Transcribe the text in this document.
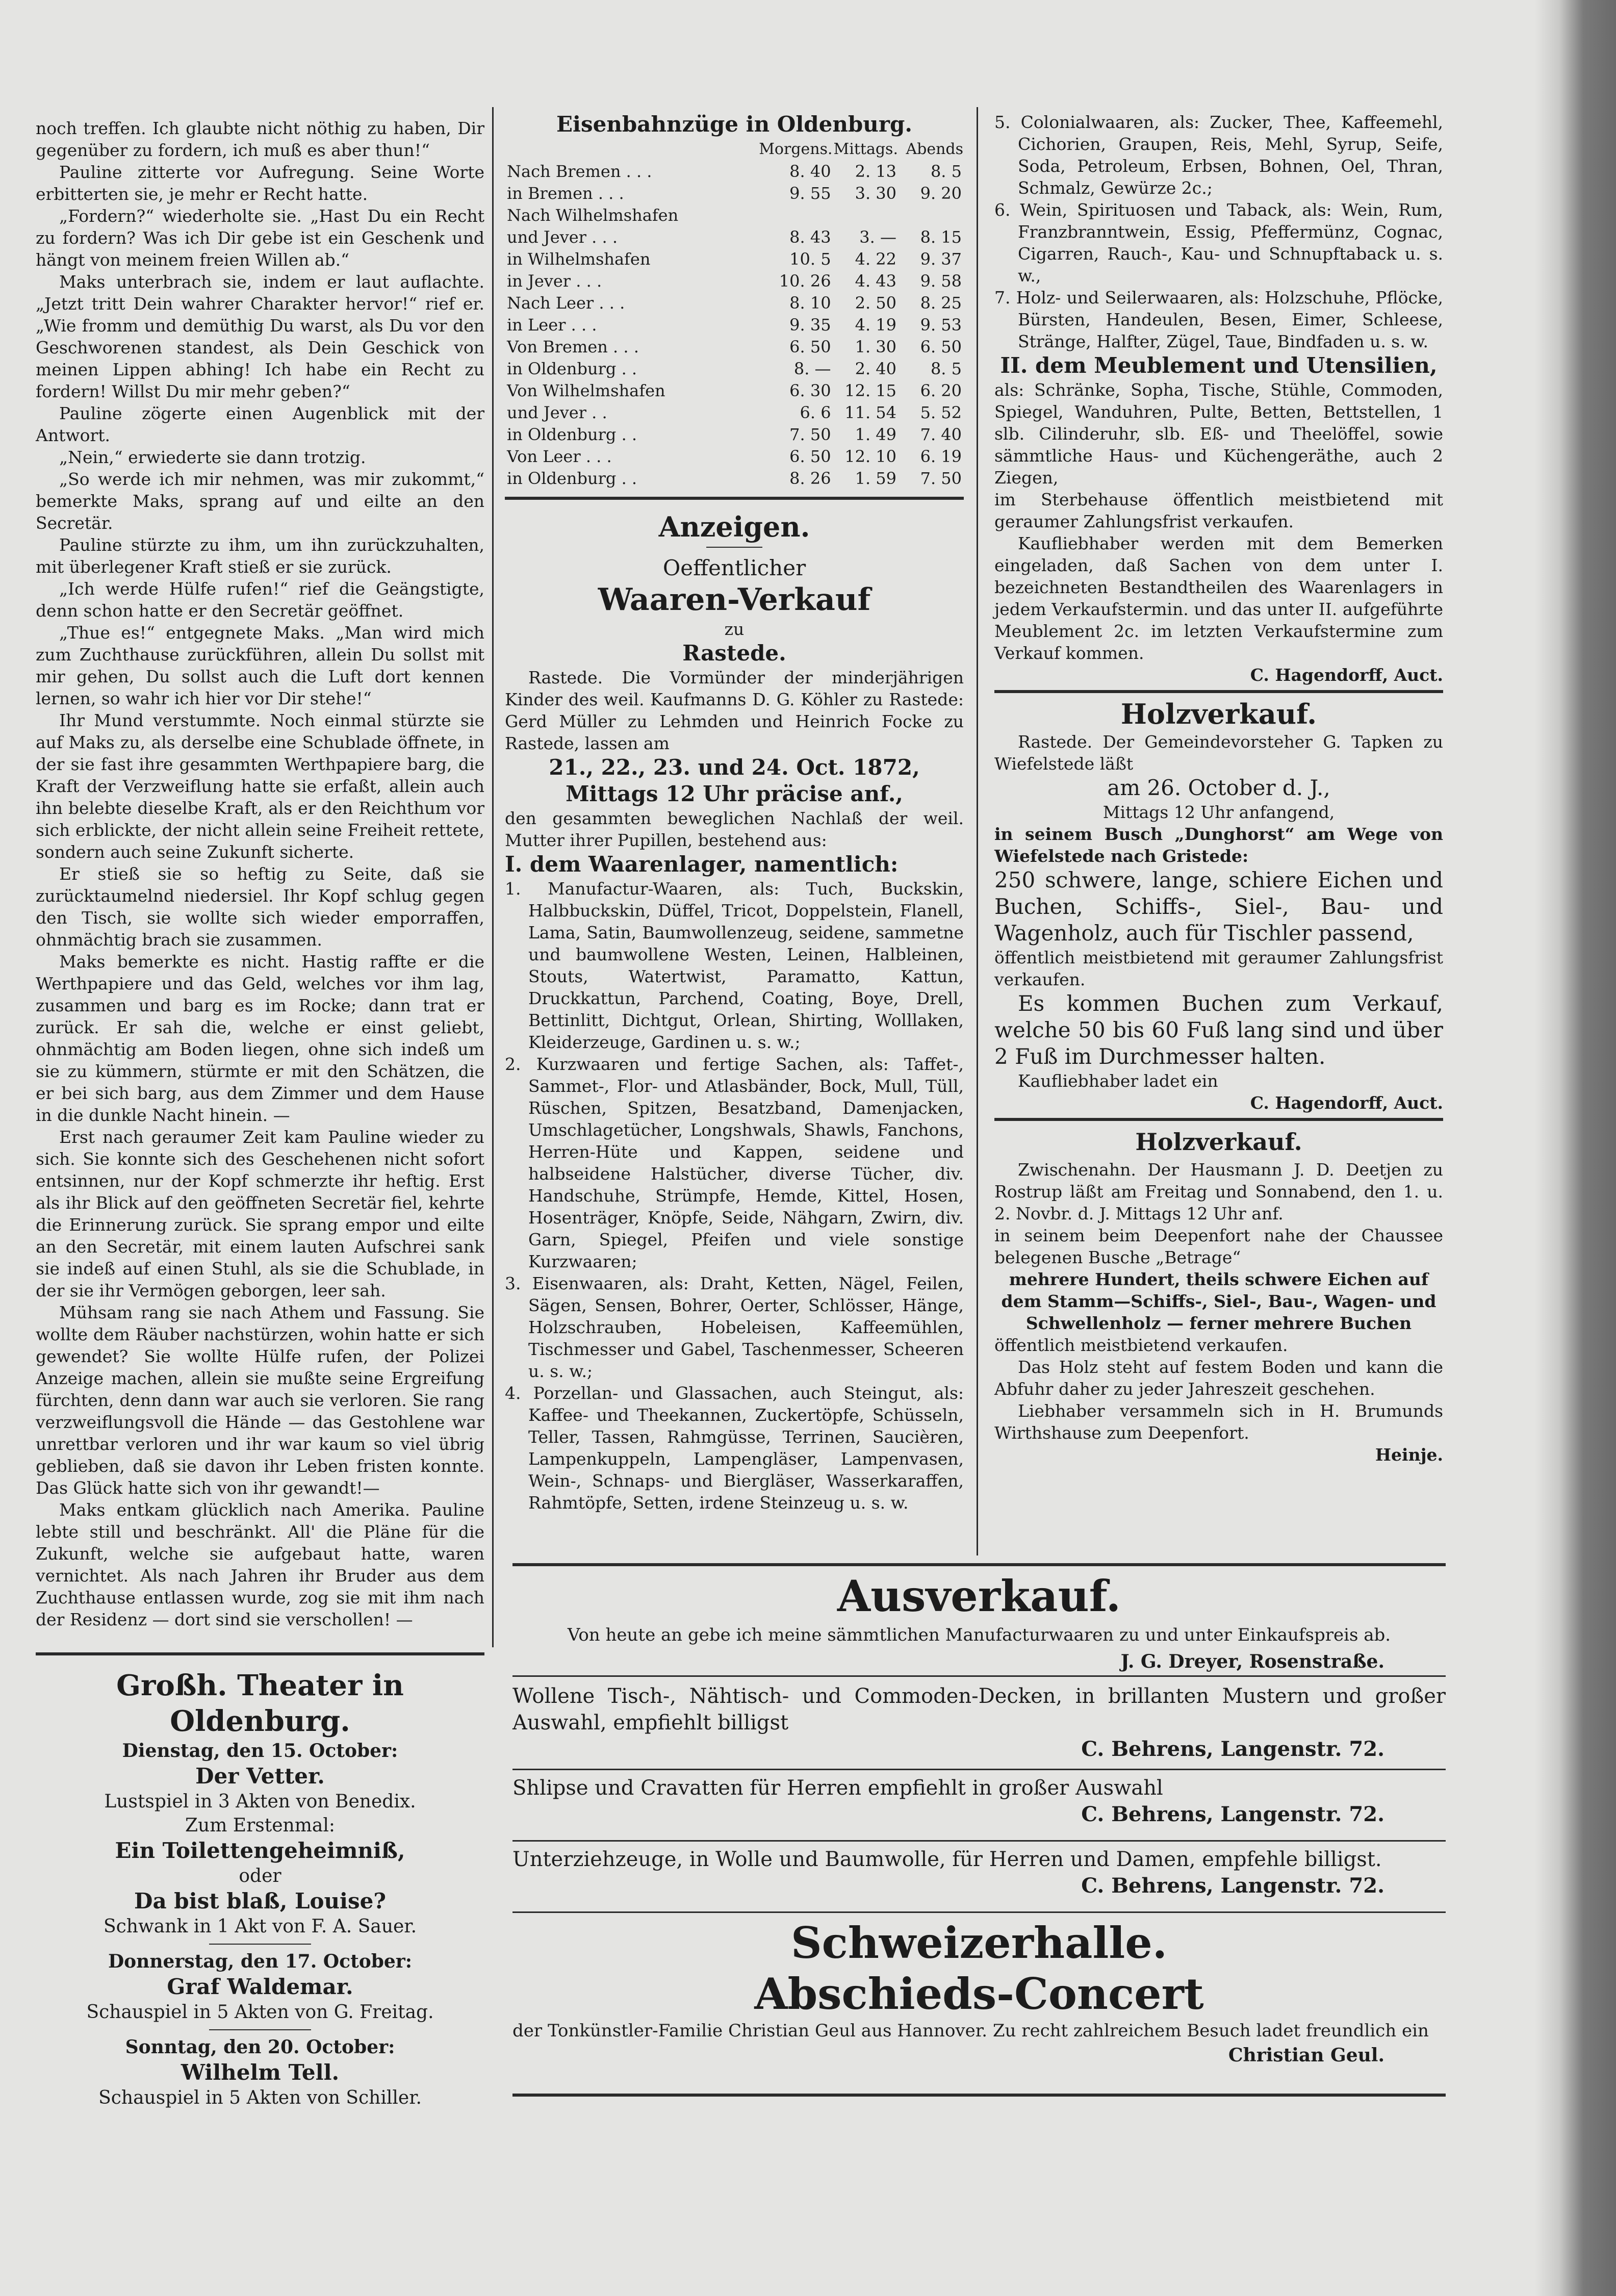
noch treffen. Ich glaubte nicht nöthig zu haben, Dir gegenüber zu fordern, ich muß es aber thun!“

Pauline zitterte vor Aufregung. Seine Worte erbitterten sie, je mehr er Recht hatte.

„Fordern?“ wiederholte sie. „Hast Du ein Recht zu fordern? Was ich Dir gebe ist ein Geschenk und hängt von meinem freien Willen ab.“

Maks unterbrach sie, indem er laut auflachte. „Jetzt tritt Dein wahrer Charakter hervor!“ rief er. „Wie fromm und demüthig Du warst, als Du vor den Geschworenen standest, als Dein Geschick von meinen Lippen abhing! Ich habe ein Recht zu fordern! Willst Du mir mehr geben?“

Pauline zögerte einen Augenblick mit der Antwort.

„Nein,“ erwiederte sie dann trotzig.

„So werde ich mir nehmen, was mir zukommt,“ bemerkte Maks, sprang auf und eilte an den Secretär.

Pauline stürzte zu ihm, um ihn zurückzuhalten, mit überlegener Kraft stieß er sie zurück.

„Ich werde Hülfe rufen!“ rief die Geängstigte, denn schon hatte er den Secretär geöffnet.

„Thue es!“ entgegnete Maks. „Man wird mich zum Zuchthause zurückführen, allein Du sollst mit mir gehen, Du sollst auch die Luft dort kennen lernen, so wahr ich hier vor Dir stehe!“

Ihr Mund verstummte. Noch einmal stürzte sie auf Maks zu, als derselbe eine Schublade öffnete, in der sie fast ihre gesammten Werthpapiere barg, die Kraft der Verzweiflung hatte sie erfaßt, allein auch ihn belebte dieselbe Kraft, als er den Reichthum vor sich erblickte, der nicht allein seine Freiheit rettete, sondern auch seine Zukunft sicherte.

Er stieß sie so heftig zu Seite, daß sie zurücktaumelnd niedersiel. Ihr Kopf schlug gegen den Tisch, sie wollte sich wieder emporraffen, ohnmächtig brach sie zusammen.

Maks bemerkte es nicht. Hastig raffte er die Werthpapiere und das Geld, welches vor ihm lag, zusammen und barg es im Rocke; dann trat er zurück. Er sah die, welche er einst geliebt, ohnmächtig am Boden liegen, ohne sich indeß um sie zu kümmern, stürmte er mit den Schätzen, die er bei sich barg, aus dem Zimmer und dem Hause in die dunkle Nacht hinein. —

Erst nach geraumer Zeit kam Pauline wieder zu sich. Sie konnte sich des Geschehenen nicht sofort entsinnen, nur der Kopf schmerzte ihr heftig. Erst als ihr Blick auf den geöffneten Secretär fiel, kehrte die Erinnerung zurück. Sie sprang empor und eilte an den Secretär, mit einem lauten Aufschrei sank sie indeß auf einen Stuhl, als sie die Schublade, in der sie ihr Vermögen geborgen, leer sah.

Mühsam rang sie nach Athem und Fassung. Sie wollte dem Räuber nachstürzen, wohin hatte er sich gewendet? Sie wollte Hülfe rufen, der Polizei Anzeige machen, allein sie mußte seine Ergreifung fürchten, denn dann war auch sie verloren. Sie rang verzweiflungsvoll die Hände — das Gestohlene war unrettbar verloren und ihr war kaum so viel übrig geblieben, daß sie davon ihr Leben fristen konnte. Das Glück hatte sich von ihr gewandt!—

Maks entkam glücklich nach Amerika. Pauline lebte still und beschränkt. All' die Pläne für die Zukunft, welche sie aufgebaut hatte, waren vernichtet. Als nach Jahren ihr Bruder aus dem Zuchthause entlassen wurde, zog sie mit ihm nach der Residenz — dort sind sie verschollen! —

Großh. Theater in Oldenburg.

Dienstag, den 15. October:

Der Vetter.

Lustspiel in 3 Akten von Benedix.

Zum Erstenmal:

Ein Toilettengeheimniß,

oder

Da bist blaß, Louise?

Schwank in 1 Akt von F. A. Sauer.

Donnerstag, den 17. October:

Graf Waldemar.

Schauspiel in 5 Akten von G. Freitag.

Sonntag, den 20. October:

Wilhelm Tell.

Schauspiel in 5 Akten von Schiller.

Eisenbahnzüge in Oldenburg.

	Morgens.	Mittags.	Abends
Nach Bremen . . .	8. 40	2. 13	8. 5
in Bremen . . .	9. 55	3. 30	9. 20
Nach Wilhelmshafen			
und Jever . . .	8. 43	3. —	8. 15
in Wilhelmshafen	10. 5	4. 22	9. 37
in Jever . . .	10. 26	4. 43	9. 58
Nach Leer . . .	8. 10	2. 50	8. 25
in Leer . . .	9. 35	4. 19	9. 53
Von Bremen . . .	6. 50	1. 30	6. 50
in Oldenburg . .	8. —	2. 40	8. 5
Von Wilhelmshafen	6. 30	12. 15	6. 20
und Jever . .	6. 6	11. 54	5. 52
in Oldenburg . .	7. 50	1. 49	7. 40
Von Leer . . .	6. 50	12. 10	6. 19
in Oldenburg . .	8. 26	1. 59	7. 50

Anzeigen.

Oeffentlicher

Waaren-Verkauf

zu

Rastede.

Rastede. Die Vormünder der minderjährigen Kinder des weil. Kaufmanns D. G. Köhler zu Rastede: Gerd Müller zu Lehmden und Heinrich Focke zu Rastede, lassen am

21., 22., 23. und 24. Oct. 1872,

Mittags 12 Uhr präcise anf.,

den gesammten beweglichen Nachlaß der weil. Mutter ihrer Pupillen, bestehend aus:

I. dem Waarenlager, namentlich:

1. Manufactur-Waaren, als: Tuch, Buckskin, Halbbuckskin, Düffel, Tricot, Doppelstein, Flanell, Lama, Satin, Baumwollenzeug, seidene, sammetne und baumwollene Westen, Leinen, Halbleinen, Stouts, Watertwist, Paramatto, Kattun, Druckkattun, Parchend, Coating, Boye, Drell, Bettinlitt, Dichtgut, Orlean, Shirting, Wolllaken, Kleiderzeuge, Gardinen u. s. w.;

2. Kurzwaaren und fertige Sachen, als: Taffet-, Sammet-, Flor- und Atlasbänder, Bock, Mull, Tüll, Rüschen, Spitzen, Besatzband, Damenjacken, Umschlagetücher, Longshwals, Shawls, Fanchons, Herren-Hüte und Kappen, seidene und halbseidene Halstücher, diverse Tücher, div. Handschuhe, Strümpfe, Hemde, Kittel, Hosen, Hosenträger, Knöpfe, Seide, Nähgarn, Zwirn, div. Garn, Spiegel, Pfeifen und viele sonstige Kurzwaaren;

3. Eisenwaaren, als: Draht, Ketten, Nägel, Feilen, Sägen, Sensen, Bohrer, Oerter, Schlösser, Hänge, Holzschrauben, Hobeleisen, Kaffeemühlen, Tischmesser und Gabel, Taschenmesser, Scheeren u. s. w.;

4. Porzellan- und Glassachen, auch Steingut, als: Kaffee- und Theekannen, Zuckertöpfe, Schüsseln, Teller, Tassen, Rahmgüsse, Terrinen, Saucièren, Lampenkuppeln, Lampengläser, Lampenvasen, Wein-, Schnaps- und Biergläser, Wasserkaraffen, Rahmtöpfe, Setten, irdene Steinzeug u. s. w.

5. Colonialwaaren, als: Zucker, Thee, Kaffeemehl, Cichorien, Graupen, Reis, Mehl, Syrup, Seife, Soda, Petroleum, Erbsen, Bohnen, Oel, Thran, Schmalz, Gewürze 2c.;

6. Wein, Spirituosen und Taback, als: Wein, Rum, Franzbranntwein, Essig, Pfeffermünz, Cognac, Cigarren, Rauch-, Kau- und Schnupftaback u. s. w.,

7. Holz- und Seilerwaaren, als: Holzschuhe, Pflöcke, Bürsten, Handeulen, Besen, Eimer, Schleese, Stränge, Halfter, Zügel, Taue, Bindfaden u. s. w.

II. dem Meublement und Utensilien,

als: Schränke, Sopha, Tische, Stühle, Commoden, Spiegel, Wanduhren, Pulte, Betten, Bettstellen, 1 slb. Cilinderuhr, slb. Eß- und Theelöffel, sowie sämmtliche Haus- und Küchengeräthe, auch 2 Ziegen,

im Sterbehause öffentlich meistbietend mit geraumer Zahlungsfrist verkaufen.

Kaufliebhaber werden mit dem Bemerken eingeladen, daß Sachen von dem unter I. bezeichneten Bestandtheilen des Waarenlagers in jedem Verkaufstermin. und das unter II. aufgeführte Meublement 2c. im letzten Verkaufstermine zum Verkauf kommen.

C. Hagendorff, Auct.

Holzverkauf.

Rastede. Der Gemeindevorsteher G. Tapken zu Wiefelstede läßt

am 26. October d. J.,

Mittags 12 Uhr anfangend,

in seinem Busch „Dunghorst“ am Wege von Wiefelstede nach Gristede:

250 schwere, lange, schiere Eichen und Buchen, Schiffs-, Siel-, Bau- und Wagenholz, auch für Tischler passend,

öffentlich meistbietend mit geraumer Zahlungsfrist verkaufen.

Es kommen Buchen zum Verkauf, welche 50 bis 60 Fuß lang sind und über 2 Fuß im Durchmesser halten.

Kaufliebhaber ladet ein

C. Hagendorff, Auct.

Holzverkauf.

Zwischenahn. Der Hausmann J. D. Deetjen zu Rostrup läßt am Freitag und Sonnabend, den 1. u. 2. Novbr. d. J. Mittags 12 Uhr anf.

in seinem beim Deepenfort nahe der Chaussee belegenen Busche „Betrage“

mehrere Hundert, theils schwere Eichen auf dem Stamm—Schiffs-, Siel-, Bau-, Wagen- und Schwellenholz — ferner mehrere Buchen

öffentlich meistbietend verkaufen.

Das Holz steht auf festem Boden und kann die Abfuhr daher zu jeder Jahreszeit geschehen.

Liebhaber versammeln sich in H. Brumunds Wirthshause zum Deepenfort.

Heinje.

Ausverkauf.

Von heute an gebe ich meine sämmtlichen Manufacturwaaren zu und unter Einkaufspreis ab.

J. G. Dreyer, Rosenstraße.

Wollene Tisch-, Nähtisch- und Commoden-Decken, in brillanten Mustern und großer Auswahl, empfiehlt billigst

C. Behrens, Langenstr. 72.

Shlipse und Cravatten für Herren empfiehlt in großer Auswahl

C. Behrens, Langenstr. 72.

Unterziehzeuge, in Wolle und Baumwolle, für Herren und Damen, empfehle billigst.

C. Behrens, Langenstr. 72.

Schweizerhalle.

Abschieds-Concert

der Tonkünstler-Familie Christian Geul aus Hannover. Zu recht zahlreichem Besuch ladet freundlich ein

Christian Geul.
